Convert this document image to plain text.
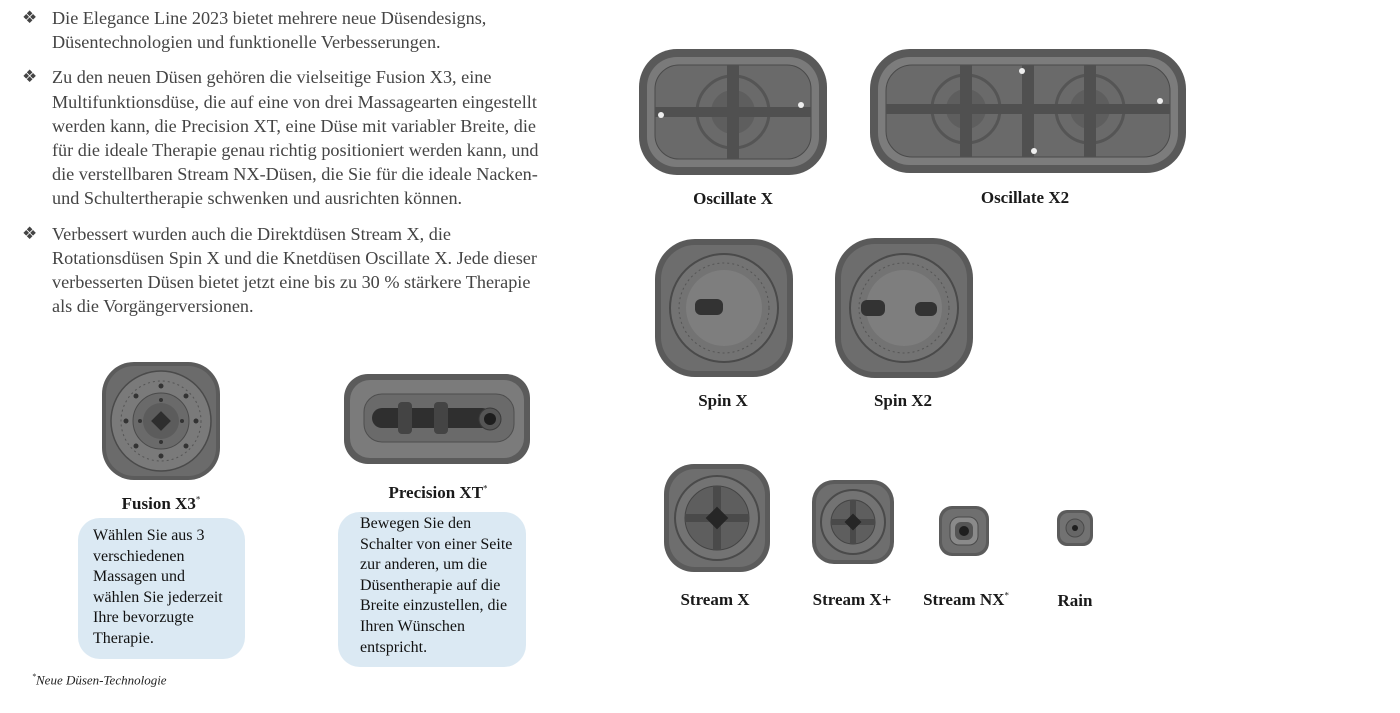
❖ Die Elegance Line 2023 bietet mehrere neue Düsendesigns, Düsentechnologien und funktionelle Verbesserungen.
❖ Zu den neuen Düsen gehören die vielseitige Fusion X3, eine Multifunktionsdüse, die auf eine von drei Massagearten eingestellt werden kann, die Precision XT, eine Düse mit variabler Breite, die für die ideale Therapie genau richtig positioniert werden kann, und die verstellbaren Stream NX-Düsen, die Sie für die ideale Nacken- und Schultertherapie schwenken und ausrichten können.
❖ Verbessert wurden auch die Direktdüsen Stream X, die Rotationsdüsen Spin X und die Knetdüsen Oscillate X. Jede dieser verbesserten Düsen bietet jetzt eine bis zu 30 % stärkere Therapie als die Vorgängerversionen.
Fusion X3*
Wählen Sie aus 3 verschiedenen Massagen und wählen Sie jederzeit Ihre bevorzugte Therapie.
Precision XT*
Bewegen Sie den Schalter von einer Seite zur anderen, um die Düsentherapie auf die Breite einzustellen, die Ihren Wünschen entspricht.
*Neue Düsen-Technologie
Oscillate X	Oscillate X2
Spin X	Spin X2
Stream X	Stream X+	Stream NX*	Rain
